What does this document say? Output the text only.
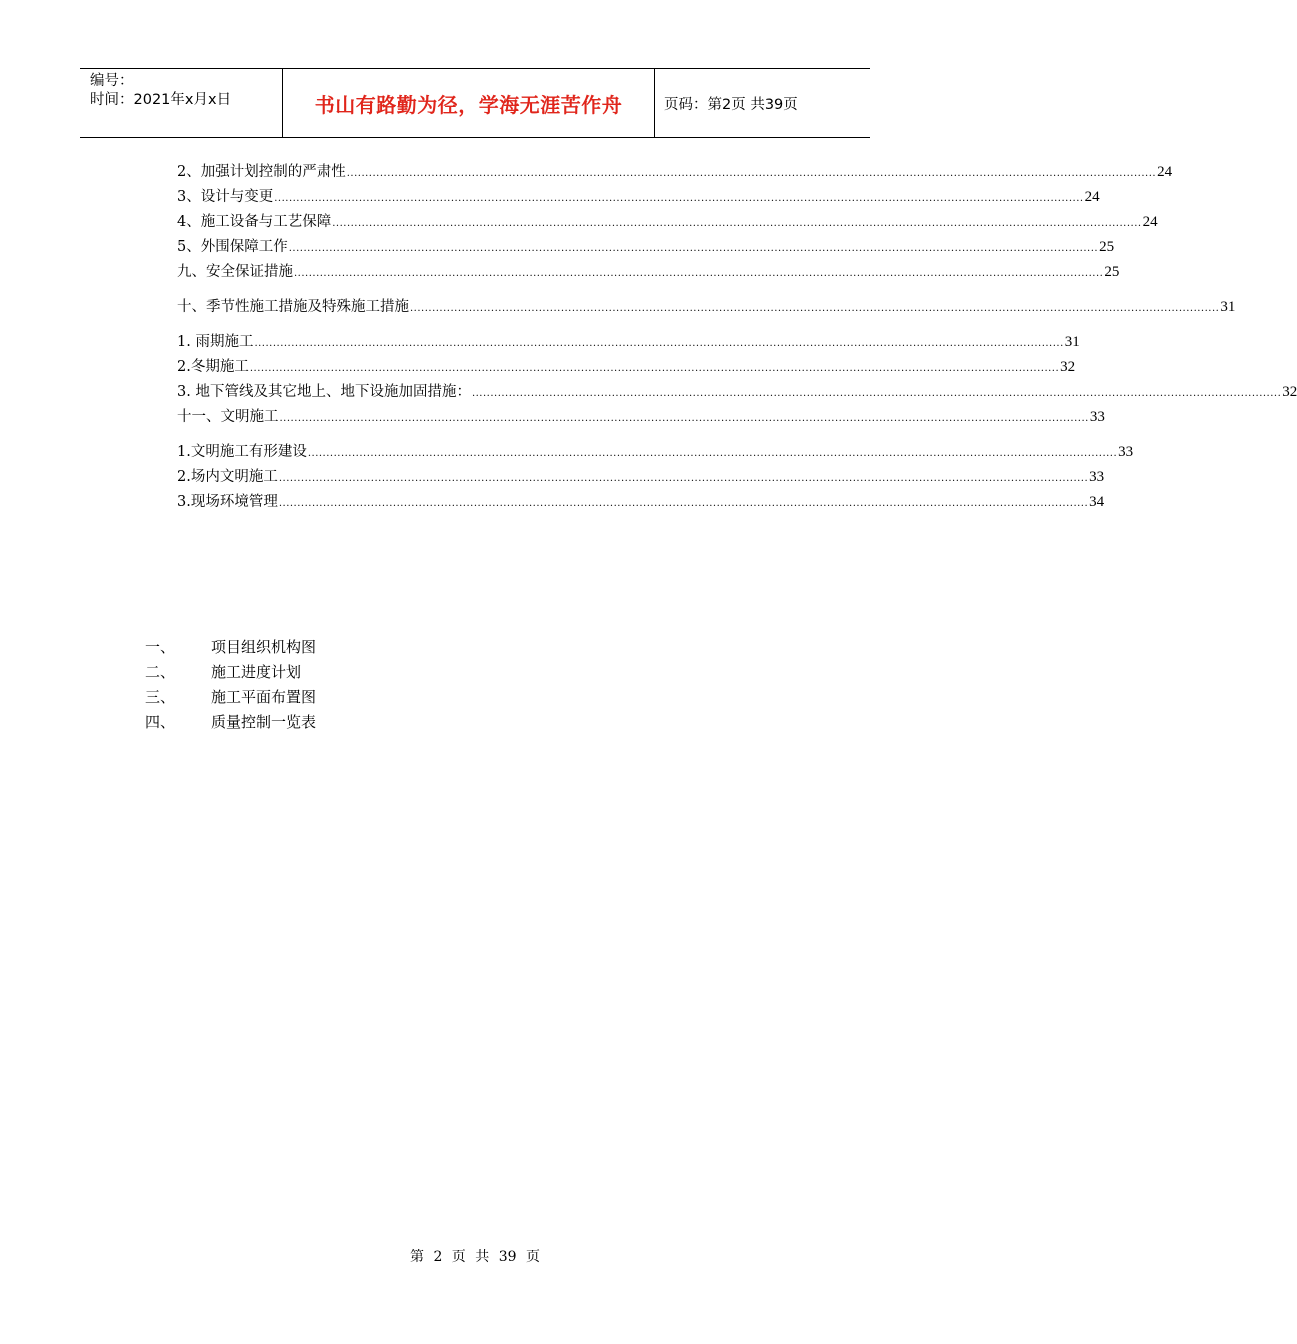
编号：
时间：2021年x月x日	书山有路勤为径，学海无涯苦作舟	页码：第2页 共39页
2、加强计划控制的严肃性 ............................................................................................................................................................................................................................ 24
3、设计与变更 ............................................................................................................................................................................................................................ 24
4、施工设备与工艺保障 ............................................................................................................................................................................................................................ 24
5、外围保障工作 ............................................................................................................................................................................................................................ 25
九、安全保证措施 ............................................................................................................................................................................................................................ 25
十、季节性施工措施及特殊施工措施 ............................................................................................................................................................................................................................ 31
1. 雨期施工 ............................................................................................................................................................................................................................ 31
2.冬期施工 ............................................................................................................................................................................................................................ 32
3. 地下管线及其它地上、地下设施加固措施： ............................................................................................................................................................................................................................ 32
十一、文明施工 ............................................................................................................................................................................................................................ 33
1.文明施工有形建设 ............................................................................................................................................................................................................................ 33
2.场内文明施工 ............................................................................................................................................................................................................................ 33
3.现场环境管理 ............................................................................................................................................................................................................................ 34
一、	项目组织机构图
二、	施工进度计划
三、	施工平面布置图
四、	质量控制一览表
第 2 页 共 39 页
